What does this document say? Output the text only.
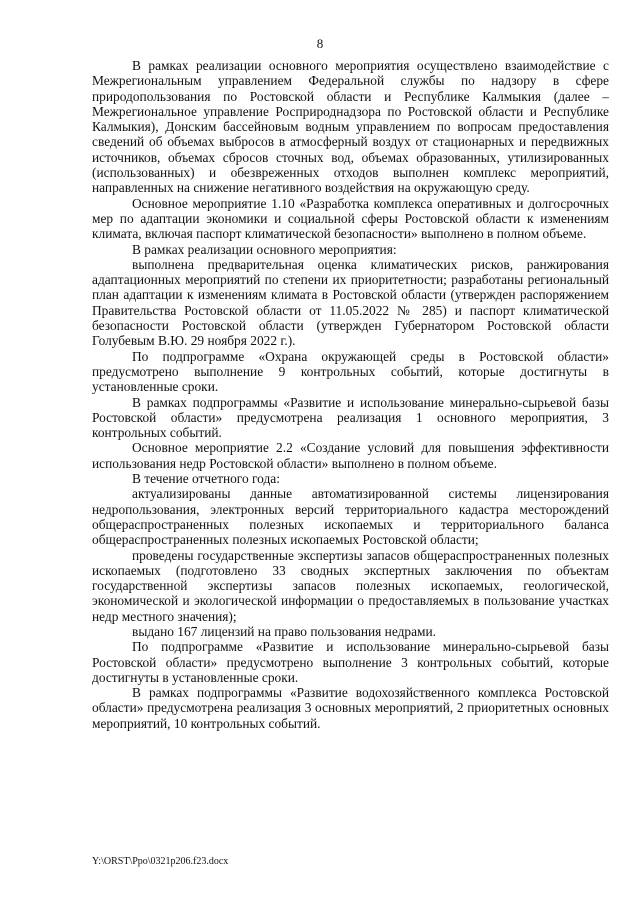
8

В рамках реализации основного мероприятия осуществлено взаимодействие с Межрегиональным управлением Федеральной службы по надзору в сфере природопользования по Ростовской области и Республике Калмыкия (далее – Межрегиональное управление Росприроднадзора по Ростовской области и Республике Калмыкия), Донским бассейновым водным управлением по вопросам предоставления сведений об объемах выбросов в атмосферный воздух от стационарных и передвижных источников, объемах сбросов сточных вод, объемах образованных, утилизированных (использованных) и обезвреженных отходов выполнен комплекс мероприятий, направленных на снижение негативного воздействия на окружающую среду.

Основное мероприятие 1.10 «Разработка комплекса оперативных и долгосрочных мер по адаптации экономики и социальной сферы Ростовской области к изменениям климата, включая паспорт климатической безопасности» выполнено в полном объеме.

В рамках реализации основного мероприятия:

выполнена предварительная оценка климатических рисков, ранжирования адаптационных мероприятий по степени их приоритетности; разработаны региональный план адаптации к изменениям климата в Ростовской области (утвержден распоряжением Правительства Ростовской области от 11.05.2022 № 285) и паспорт климатической безопасности Ростовской области (утвержден Губернатором Ростовской области Голубевым В.Ю. 29 ноября 2022 г.).

По подпрограмме «Охрана окружающей среды в Ростовской области» предусмотрено выполнение 9 контрольных событий, которые достигнуты в установленные сроки.

В рамках подпрограммы «Развитие и использование минерально-сырьевой базы Ростовской области» предусмотрена реализация 1 основного мероприятия, 3 контрольных событий.

Основное мероприятие 2.2 «Создание условий для повышения эффективности использования недр Ростовской области» выполнено в полном объеме.

В течение отчетного года:

актуализированы данные автоматизированной системы лицензирования недропользования, электронных версий территориального кадастра месторождений общераспространенных полезных ископаемых и территориального баланса общераспространенных полезных ископаемых Ростовской области;

проведены государственные экспертизы запасов общераспространенных полезных ископаемых (подготовлено 33 сводных экспертных заключения по объектам государственной экспертизы запасов полезных ископаемых, геологической, экономической и экологической информации о предоставляемых в пользование участках недр местного значения);

выдано 167 лицензий на право пользования недрами.

По подпрограмме «Развитие и использование минерально-сырьевой базы Ростовской области» предусмотрено выполнение 3 контрольных событий, которые достигнуты в установленные сроки.

В рамках подпрограммы «Развитие водохозяйственного комплекса Ростовской области» предусмотрена реализация 3 основных мероприятий, 2 приоритетных основных мероприятий, 10 контрольных событий.

Y:\ORST\Ppo\0321p206.f23.docx
